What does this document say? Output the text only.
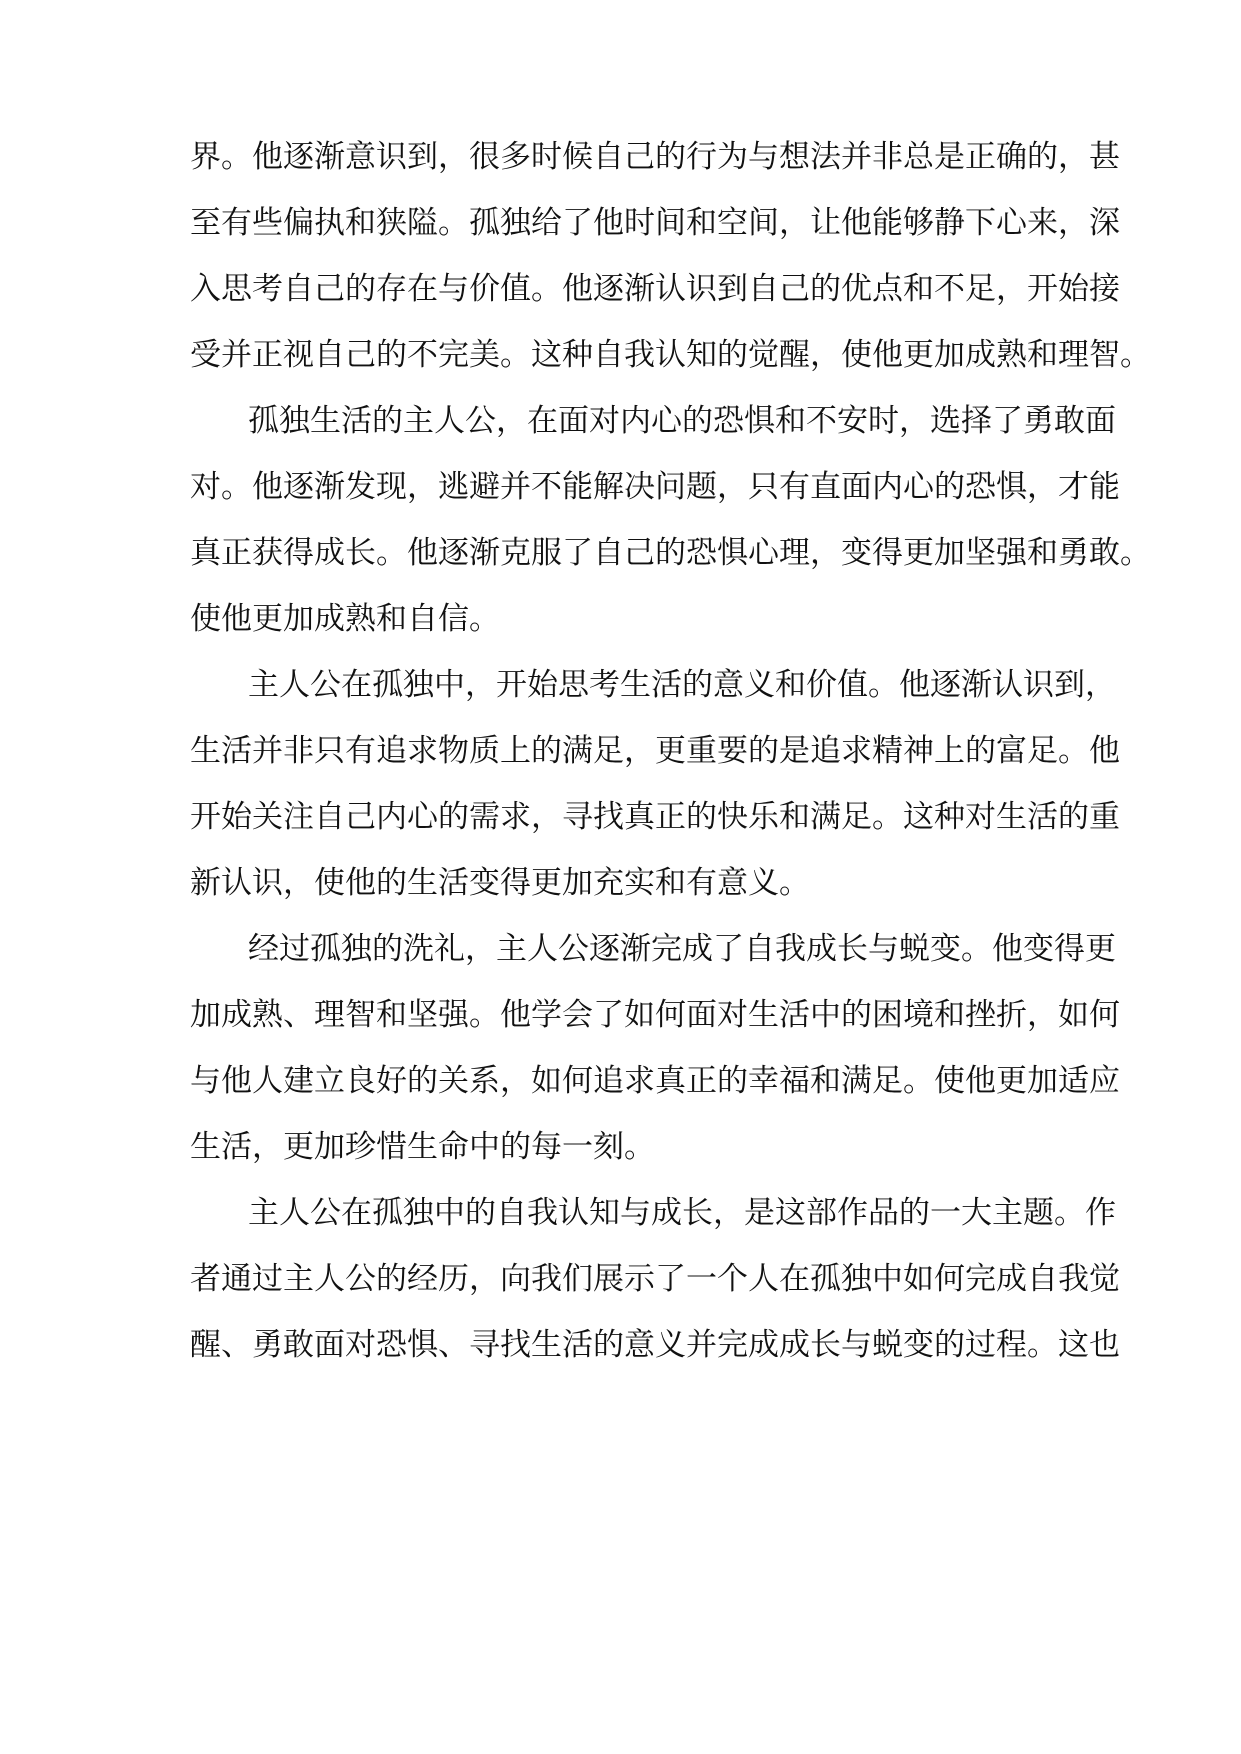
界。他逐渐意识到，很多时候自己的行为与想法并非总是正确的，甚
至有些偏执和狭隘。孤独给了他时间和空间，让他能够静下心来，深
入思考自己的存在与价值。他逐渐认识到自己的优点和不足，开始接
受并正视自己的不完美。这种自我认知的觉醒，使他更加成熟和理智。
孤独生活的主人公，在面对内心的恐惧和不安时，选择了勇敢面
对。他逐渐发现，逃避并不能解决问题，只有直面内心的恐惧，才能
真正获得成长。他逐渐克服了自己的恐惧心理，变得更加坚强和勇敢。
使他更加成熟和自信。
主人公在孤独中，开始思考生活的意义和价值。他逐渐认识到，
生活并非只有追求物质上的满足，更重要的是追求精神上的富足。他
开始关注自己内心的需求，寻找真正的快乐和满足。这种对生活的重
新认识，使他的生活变得更加充实和有意义。
经过孤独的洗礼，主人公逐渐完成了自我成长与蜕变。他变得更
加成熟、理智和坚强。他学会了如何面对生活中的困境和挫折，如何
与他人建立良好的关系，如何追求真正的幸福和满足。使他更加适应
生活，更加珍惜生命中的每一刻。
主人公在孤独中的自我认知与成长，是这部作品的一大主题。作
者通过主人公的经历，向我们展示了一个人在孤独中如何完成自我觉
醒、勇敢面对恐惧、寻找生活的意义并完成成长与蜕变的过程。这也
